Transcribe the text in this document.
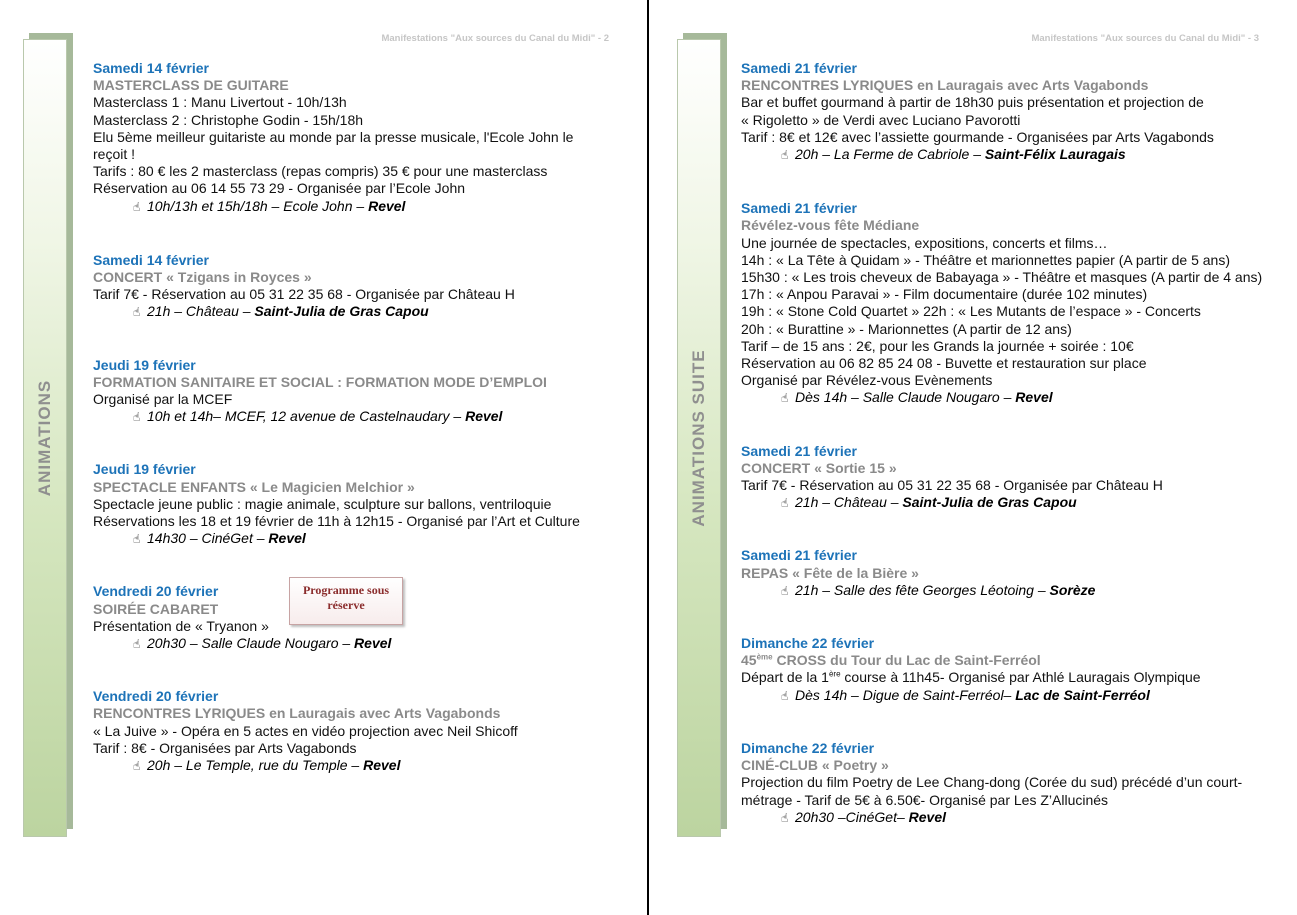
Manifestations "Aux sources du Canal du Midi" - 2
ANIMATIONS
Programme sous réserve
Samedi 14 février
MASTERCLASS DE GUITARE
Masterclass 1 : Manu Livertout - 10h/13h
Masterclass 2 : Christophe Godin - 15h/18h
Elu 5ème meilleur guitariste au monde par la presse musicale, l'Ecole John le
reçoit !
Tarifs : 80 € les 2 masterclass (repas compris) 35 € pour une masterclass
Réservation au 06 14 55 73 29 - Organisée par l’Ecole John
☝ 10h/13h et 15h/18h – Ecole John – Revel
Samedi 14 février
CONCERT « Tzigans in Royces »
Tarif 7€ - Réservation au 05 31 22 35 68 - Organisée par Château H
☝ 21h – Château – Saint-Julia de Gras Capou
Jeudi 19 février
FORMATION SANITAIRE ET SOCIAL : FORMATION MODE D’EMPLOI
Organisé par la MCEF
☝ 10h et 14h– MCEF, 12 avenue de Castelnaudary – Revel
Jeudi 19 février
SPECTACLE ENFANTS « Le Magicien Melchior »
Spectacle jeune public : magie animale, sculpture sur ballons, ventriloquie
Réservations les 18 et 19 février de 11h à 12h15 - Organisé par l’Art et Culture
☝ 14h30 – CinéGet – Revel
Vendredi 20 février
SOIRÉE CABARET
Présentation de « Tryanon »
☝ 20h30 – Salle Claude Nougaro – Revel
Vendredi 20 février
RENCONTRES LYRIQUES en Lauragais avec Arts Vagabonds
« La Juive » - Opéra en 5 actes en vidéo projection avec Neil Shicoff
Tarif : 8€ - Organisées par Arts Vagabonds
☝ 20h – Le Temple, rue du Temple – Revel
Manifestations "Aux sources du Canal du Midi" - 3
ANIMATIONS SUITE
Samedi 21 février
RENCONTRES LYRIQUES en Lauragais avec Arts Vagabonds
Bar et buffet gourmand à partir de 18h30 puis présentation et projection de
« Rigoletto » de Verdi avec Luciano Pavorotti
Tarif : 8€ et 12€ avec l’assiette gourmande - Organisées par Arts Vagabonds
☝ 20h – La Ferme de Cabriole – Saint-Félix Lauragais
Samedi 21 février
Révélez-vous fête Médiane
Une journée de spectacles, expositions, concerts et films…
14h : « La Tête à Quidam » - Théâtre et marionnettes papier (A partir de 5 ans)
15h30 : « Les trois cheveux de Babayaga » - Théâtre et masques (A partir de 4 ans)
17h : « Anpou Paravai » - Film documentaire (durée 102 minutes)
19h : « Stone Cold Quartet » 22h : « Les Mutants de l’espace » - Concerts
20h : « Burattine » - Marionnettes (A partir de 12 ans)
Tarif – de 15 ans : 2€, pour les Grands la journée + soirée : 10€
Réservation au 06 82 85 24 08 - Buvette et restauration sur place
Organisé par Révélez-vous Evènements
☝ Dès 14h – Salle Claude Nougaro – Revel
Samedi 21 février
CONCERT « Sortie 15 »
Tarif 7€ - Réservation au 05 31 22 35 68 - Organisée par Château H
☝ 21h – Château – Saint-Julia de Gras Capou
Samedi 21 février
REPAS « Fête de la Bière »
☝ 21h – Salle des fête Georges Léotoing – Sorèze
Dimanche 22 février
45ème CROSS du Tour du Lac de Saint-Ferréol
Départ de la 1ère course à 11h45- Organisé par Athlé Lauragais Olympique
☝ Dès 14h – Digue de Saint-Ferréol– Lac de Saint-Ferréol
Dimanche 22 février
CINÉ-CLUB « Poetry »
Projection du film Poetry de Lee Chang-dong (Corée du sud) précédé d’un court-
métrage - Tarif de 5€ à 6.50€- Organisé par Les Z’Allucinés
☝ 20h30 –CinéGet– Revel
